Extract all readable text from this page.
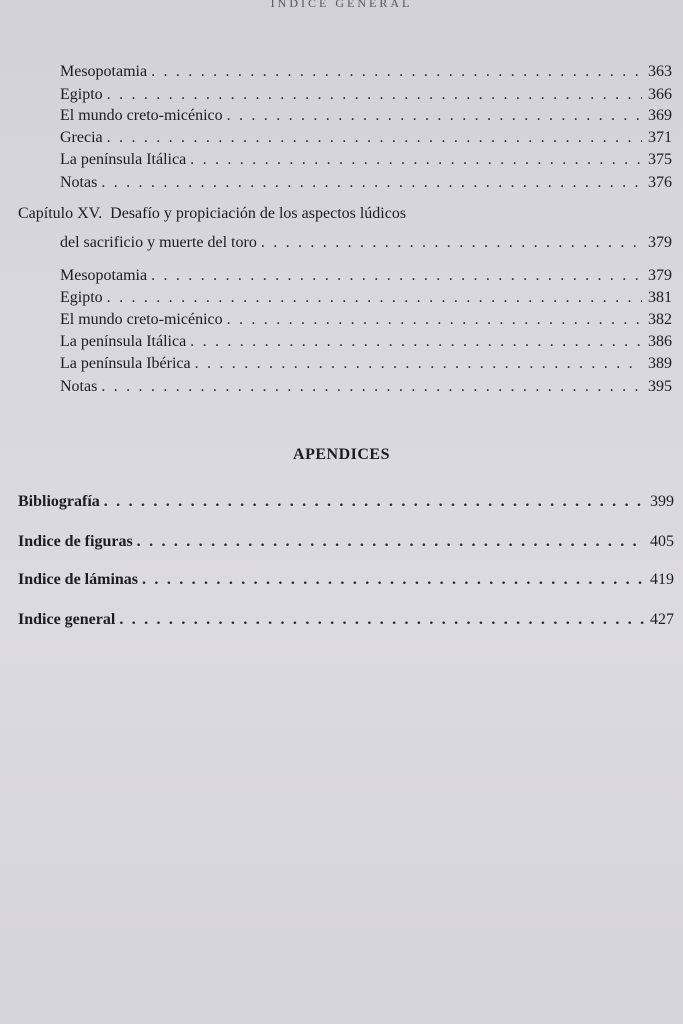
INDICE GENERAL
Mesopotamia . . .	363
Egipto . . .	366
El mundo creto-micénico . . .	369
Grecia . . .	371
La península Itálica . . .	375
Notas . . .	376
Capítulo XV. Desafío y propiciación de los aspectos lúdicos
del sacrificio y muerte del toro . . .	379
Mesopotamia . . .	379
Egipto . . .	381
El mundo creto-micénico . . .	382
La península Itálica . . .	386
La península Ibérica . . .	389
Notas . . .	395
APENDICES
Bibliografía . . .	399
Indice de figuras . . .	405
Indice de láminas . . .	419
Indice general . . .	427
